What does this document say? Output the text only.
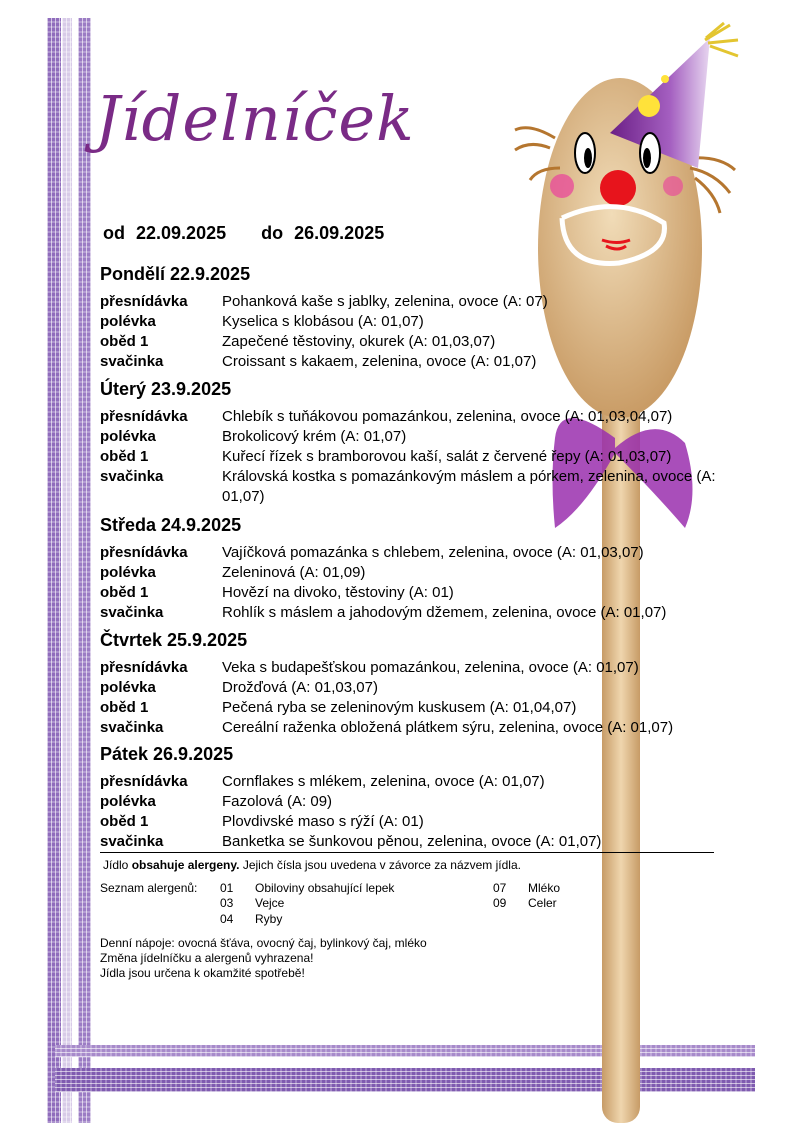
Jídelníček
od 22.09.2025 do 26.09.2025
Pondělí 22.9.2025
přesnídávka	Pohanková kaše s jablky, zelenina, ovoce (A: 07)
polévka	Kyselica s klobásou (A: 01,07)
oběd 1	Zapečené těstoviny, okurek (A: 01,03,07)
svačinka	Croissant s kakaem, zelenina, ovoce (A: 01,07)
Úterý 23.9.2025
přesnídávka	Chlebík s tuňákovou pomazánkou, zelenina, ovoce (A: 01,03,04,07)
polévka	Brokolicový krém (A: 01,07)
oběd 1	Kuřecí řízek s bramborovou kaší, salát z červené řepy (A: 01,03,07)
svačinka	Královská kostka s pomazánkovým máslem a pórkem, zelenina, ovoce (A: 01,07)
Středa 24.9.2025
přesnídávka	Vajíčková pomazánka s chlebem, zelenina, ovoce (A: 01,03,07)
polévka	Zeleninová (A: 01,09)
oběd 1	Hovězí na divoko, těstoviny (A: 01)
svačinka	Rohlík s máslem a jahodovým džemem, zelenina, ovoce (A: 01,07)
Čtvrtek 25.9.2025
přesnídávka	Veka s budapešťskou pomazánkou, zelenina, ovoce (A: 01,07)
polévka	Drožďová (A: 01,03,07)
oběd 1	Pečená ryba se zeleninovým kuskusem (A: 01,04,07)
svačinka	Cereální raženka obložená plátkem sýru, zelenina, ovoce (A: 01,07)
Pátek 26.9.2025
přesnídávka	Cornflakes s mlékem, zelenina, ovoce (A: 01,07)
polévka	Fazolová (A: 09)
oběd 1	Plovdivské maso s rýží (A: 01)
svačinka	Banketka se šunkovou pěnou, zelenina, ovoce (A: 01,07)
Jídlo obsahuje alergeny. Jejich čísla jsou uvedena v závorce za názvem jídla.
Seznam alergenů: 01 Obiloviny obsahující lepek
03 Vejce
04 Ryby
07 Mléko
09 Celer
Denní nápoje: ovocná šťáva, ovocný čaj, bylinkový čaj, mléko
Změna jídelníčku a alergenů vyhrazena!
Jídla jsou určena k okamžité spotřebě!
